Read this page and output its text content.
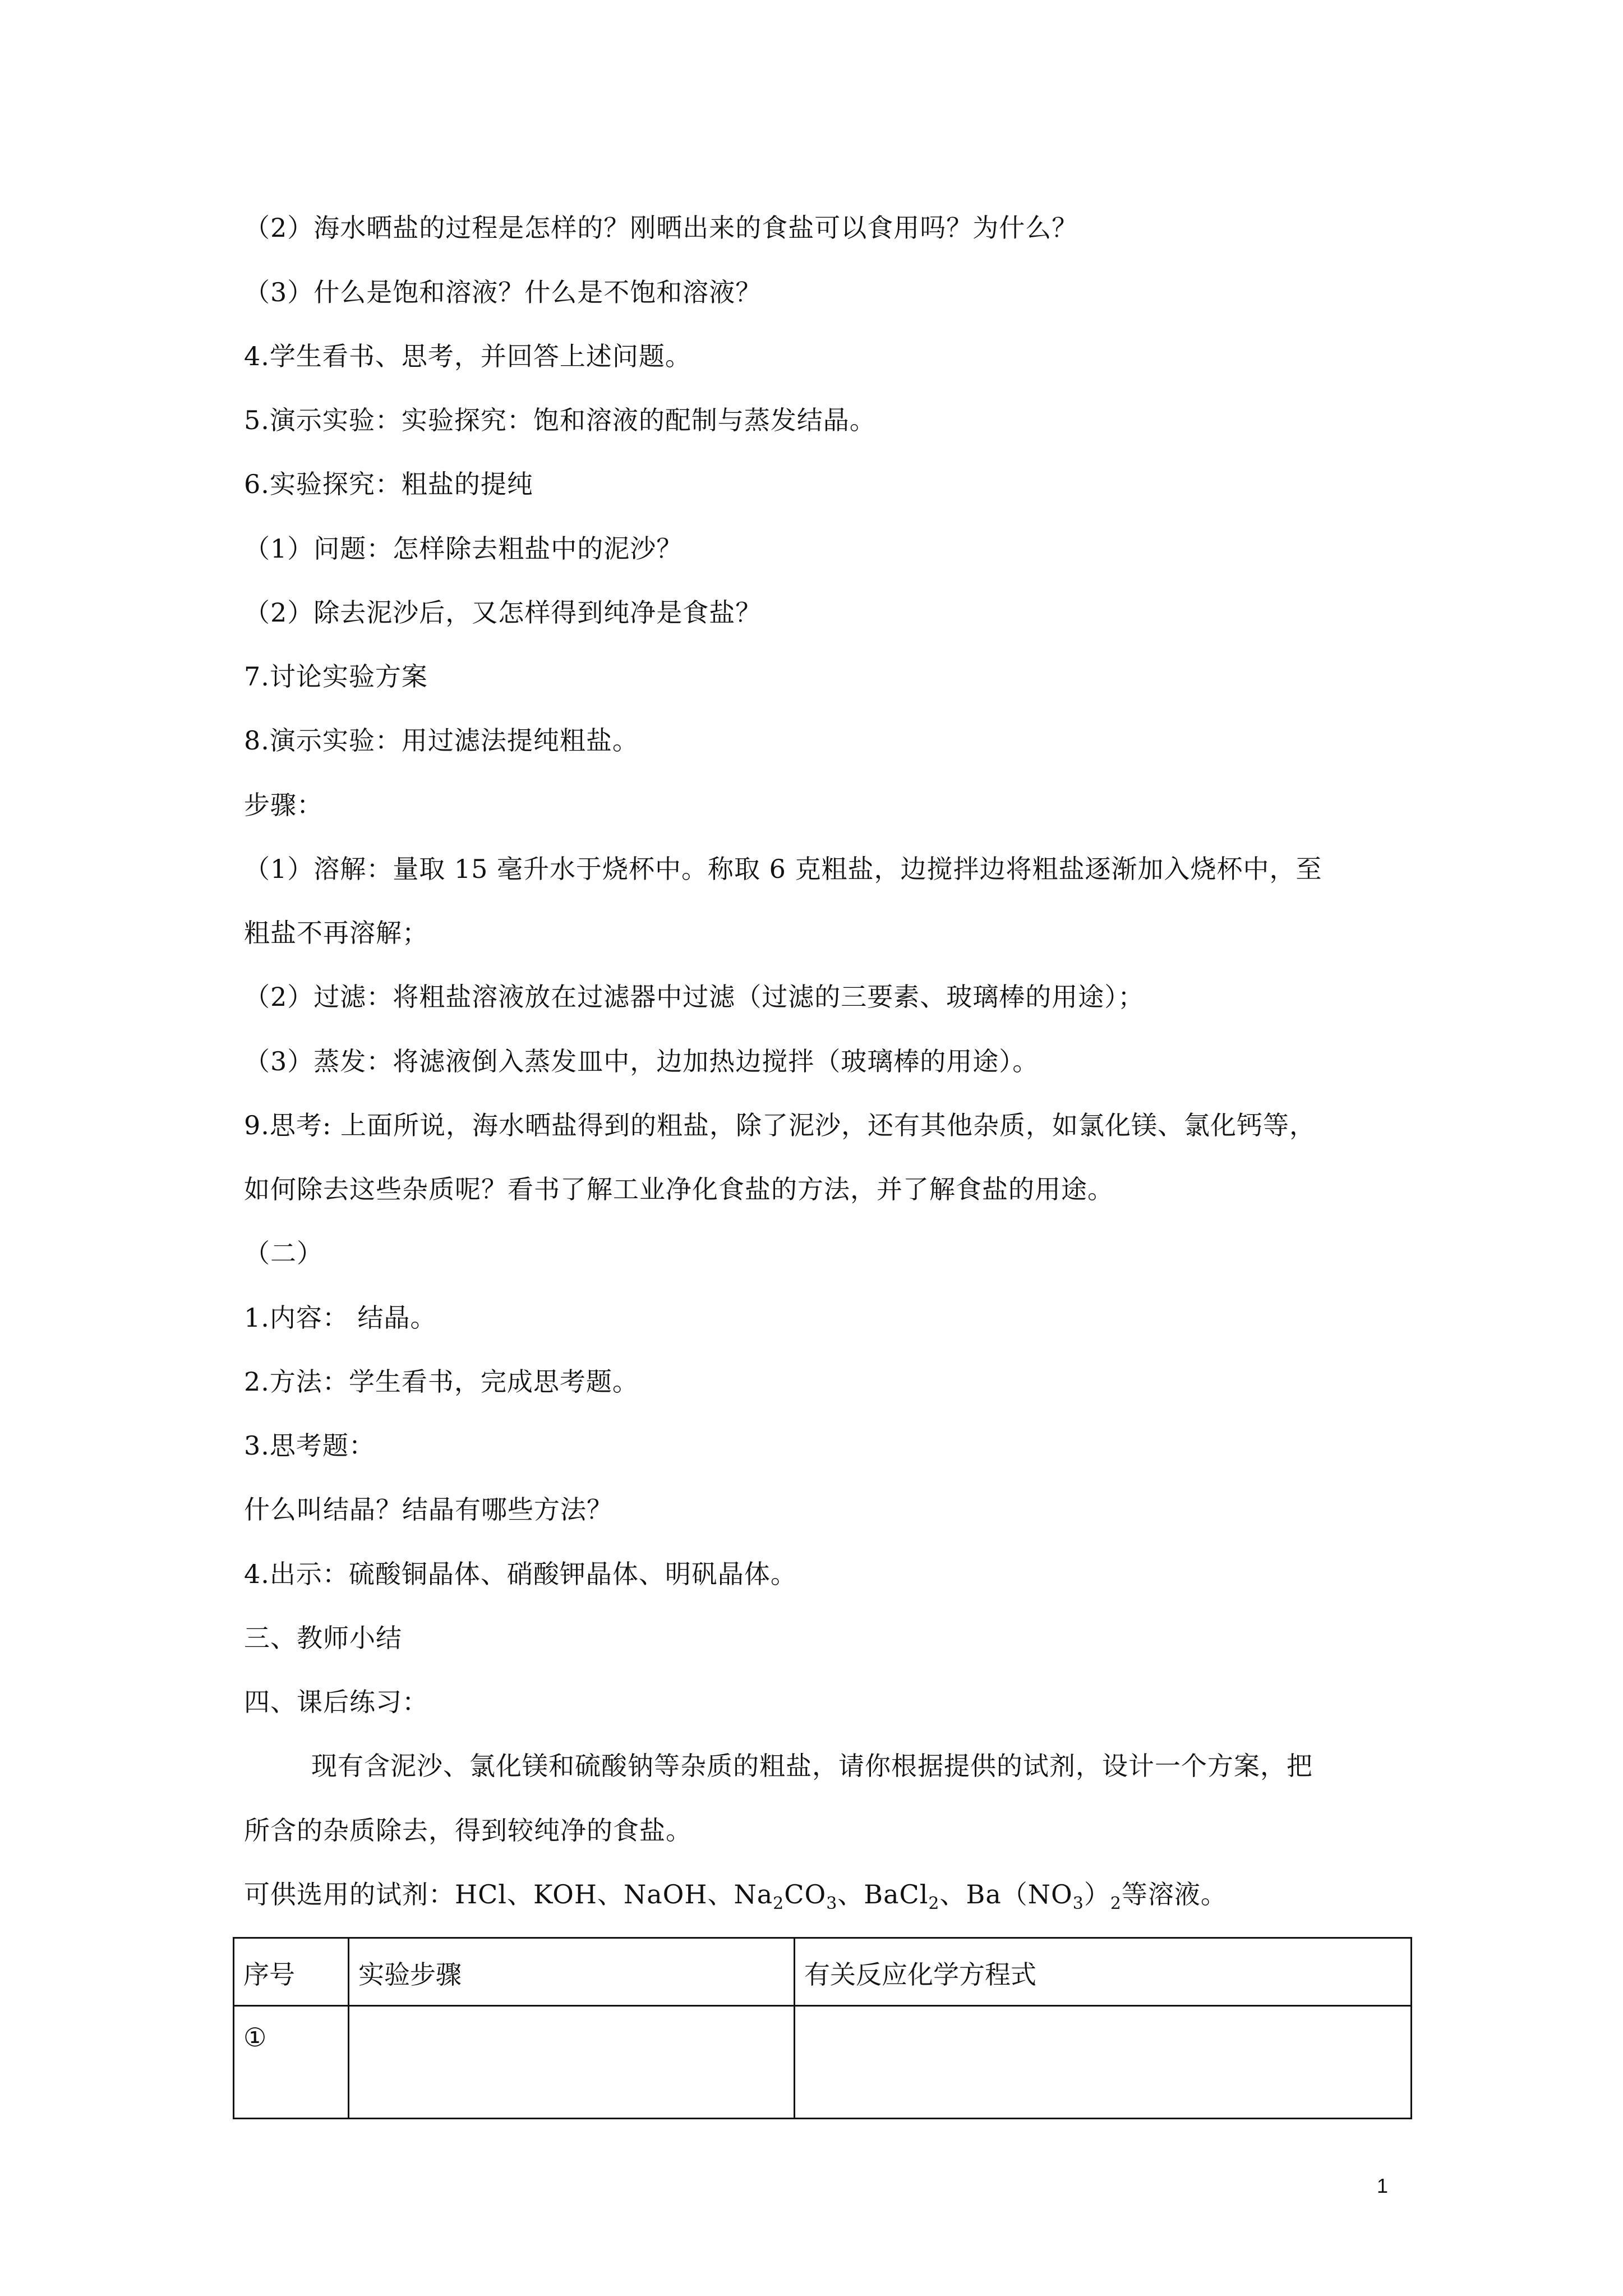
（2）海水晒盐的过程是怎样的？刚晒出来的食盐可以食用吗？为什么？
（3）什么是饱和溶液？什么是不饱和溶液？
4.学生看书、思考，并回答上述问题。
5.演示实验：实验探究：饱和溶液的配制与蒸发结晶。
6.实验探究：粗盐的提纯
（1）问题：怎样除去粗盐中的泥沙？
（2）除去泥沙后，又怎样得到纯净是食盐？
7.讨论实验方案
8.演示实验：用过滤法提纯粗盐。
步骤：
（1）溶解：量取 15 毫升水于烧杯中。称取 6 克粗盐，边搅拌边将粗盐逐渐加入烧杯中，至
粗盐不再溶解；
（2）过滤：将粗盐溶液放在过滤器中过滤（过滤的三要素、玻璃棒的用途）；
（3）蒸发：将滤液倒入蒸发皿中，边加热边搅拌（玻璃棒的用途）。
9.思考: 上面所说，海水晒盐得到的粗盐，除了泥沙，还有其他杂质，如氯化镁、氯化钙等，
如何除去这些杂质呢？看书了解工业净化食盐的方法，并了解食盐的用途。
（二）
1.内容： 结晶。
2.方法：学生看书，完成思考题。
3.思考题：
什么叫结晶？结晶有哪些方法？
4.出示：硫酸铜晶体、硝酸钾晶体、明矾晶体。
三、教师小结
四、课后练习：
现有含泥沙、氯化镁和硫酸钠等杂质的粗盐，请你根据提供的试剂，设计一个方案，把
所含的杂质除去，得到较纯净的食盐。
可供选用的试剂：HCl、KOH、NaOH、$Na_2CO_3$、BaCl$_2$、$Ba(NO_3)_2$等溶液。
序号	实验步骤	有关反应化学方程式
①		
1
